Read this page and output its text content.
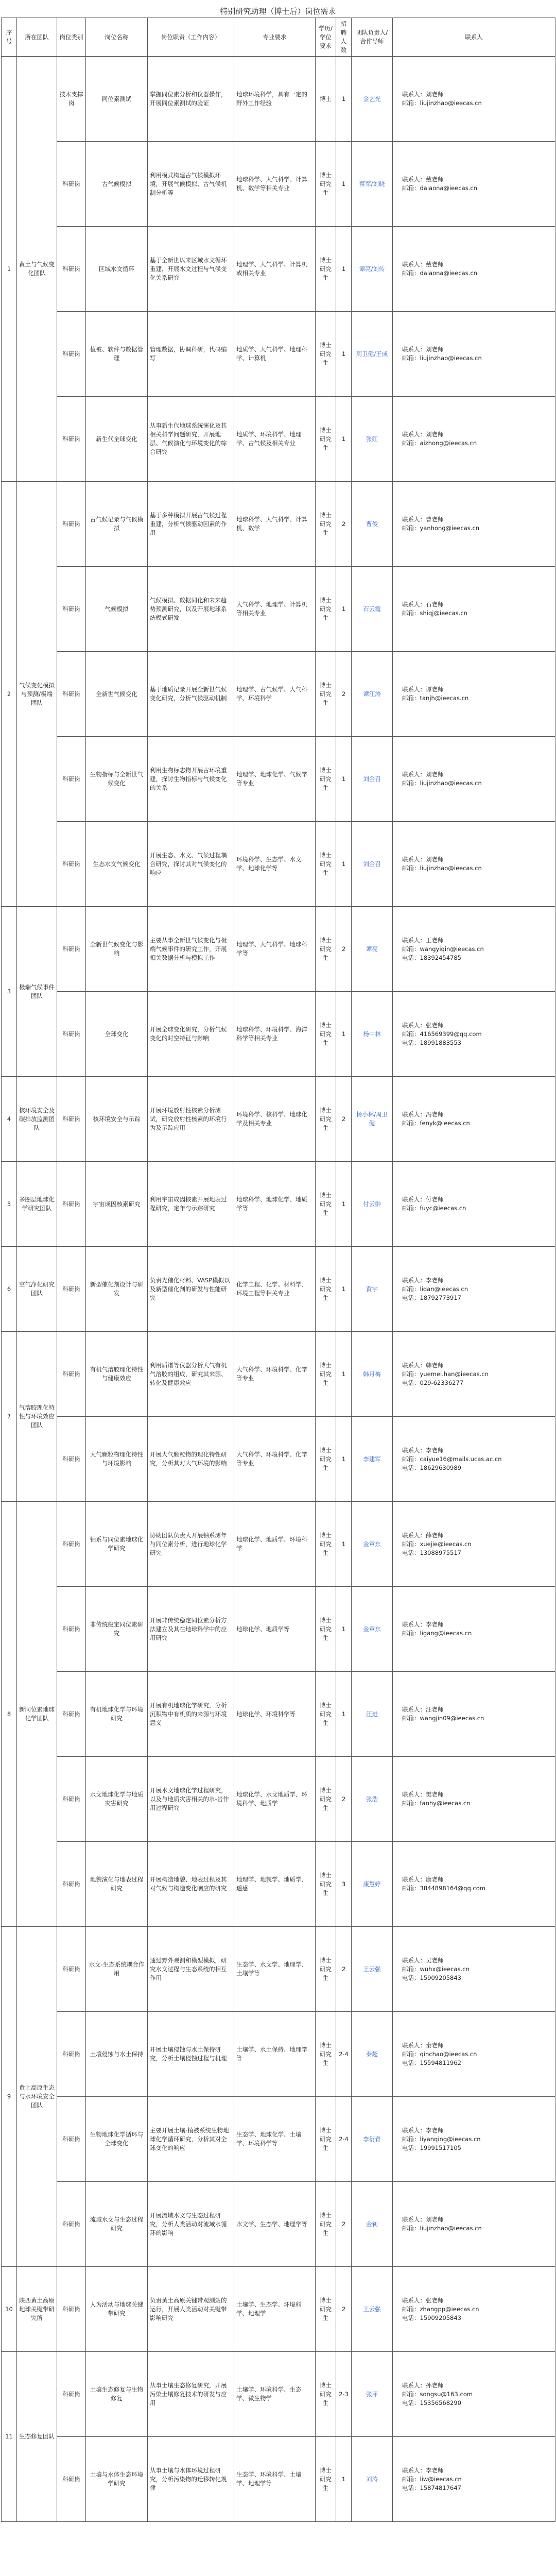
特别研究助理（博士后）岗位需求
序号	所在团队	岗位类别	岗位名称	岗位职责（工作内容）	专业要求	学历/学位要求	招聘人数	团队负责人/合作导师	联系人
1	黄土与气候变化团队	技术支撑岗	同位素测试	掌握同位素分析和仪器操作，开展同位素测试的验证	地球环境科学，具有一定的野外工作经验	博士	1	金艺光	联系人：刘老师
邮箱：liujinzhao@ieecas.cn
		科研岗	古气候模拟	利用模式构建古气候模拟环境，开展气候模拟、古气候机制分析等	地球科学、大气科学、计算机、数学等相关专业	博士研究生	1	蔡军/刘晓	联系人：戴老师
邮箱：daiaona@ieecas.cn
		科研岗	区域水文循环	基于全新世以来区域水文循环重建，开展水文过程与气候变化关系研究	地理学、大气科学、计算机或相关专业	博士研究生	1	谭亮/刘传	联系人：戴老师
邮箱：daiaona@ieecas.cn
		科研岗	植被、软件与数据管理	管理数据，协调科研，代码编写	地质学、大气科学、地理科学、计算机	博士研究生	1	周卫健/王成	联系人：刘老师
邮箱：liujinzhao@ieecas.cn
		科研岗	新生代全球变化	从事新生代地球系统演化及其相关科学问题研究，开展地层、气候演化与环境变化的综合研究	地质学、环境科学、地理学、古气候及相关专业	博士研究生	1	张红	联系人：刘老师
邮箱：aizhong@ieecas.cn
2	气候变化模拟与预测/极端团队	科研岗	古气候记录与气候模拟	基于多种模拟开展古气候过程重建，分析气候驱动因素的作用	地球科学、大气科学、计算机、数学	博士研究生	2	曹俊	联系人：曹老师
邮箱：yanhong@ieecas.cn
		科研岗	气候模拟	气候模拟、数据同化和未来趋势预测研究，以及开展地球系统模式研发	大气科学、地理学、计算机等相关专业	博士研究生	1	石云霞	联系人：石老师
邮箱：shiqj@ieecas.cn
		科研岗	全新世气候变化	基于地质记录开展全新世气候变化研究，分析气候驱动机制	地理学、古气候学、大气科学、环境科学	博士研究生	2	谭江涛	联系人：谭老师
邮箱：tanjh@ieecas.cn
		科研岗	生物指标与全新世气候变化	利用生物标志物开展古环境重建，探讨生物指标与气候变化的关系	地理学、地球化学、气候学等专业	博士研究生	1	刘金召	联系人：刘老师
邮箱：liujinzhao@ieecas.cn
		科研岗	生态水文气候变化	开展生态、水文、气候过程耦合研究，探讨其对气候变化的响应	环境科学、生态学、水文学、地球化学等	博士研究生	1	刘金召	联系人：刘老师
邮箱：liujinzhao@ieecas.cn
3	极端气候事件团队	科研岗	全新世气候变化与影响	主要从事全新世气候变化与极端气候事件的研究工作，开展相关数据分析与模拟工作	地理学、大气科学、地球科学等	博士研究生	2	谭亮	联系人：王老师
邮箱：wangyiqin@ieecas.cn
电话：18392454785
		科研岗	全球变化	开展全球变化研究，分析气候变化的时空特征与影响	地球科学、环境科学、海洋科学等相关专业	博士研究生	1	杨中林	联系人：张老师
邮箱：416569399@qq.com
电话：18991883553
4	核环境安全及碳排放监测团队	科研岗	核环境安全与示踪	开展环境放射性核素分析测试，研究放射性核素的环境行为及示踪应用	环境科学、核科学、地球化学及相关专业	博士研究生	2	杨小林/周卫健	联系人：冯老师
邮箱：fenyk@ieecas.cn
5	多圈层地球化学研究团队	科研岗	宇宙成因核素研究	利用宇宙成因核素开展地表过程研究，定年与示踪研究	地球科学、地球化学、地质学等	博士研究生	1	付云翀	联系人：付老师
邮箱：fuyc@ieecas.cn
6	空气净化研究团队	科研岗	新型催化剂设计与研发	负责光催化材料、VASP模拟以及新型催化剂的研发与性能研究	化学工程、化学、材料学、环境工程等相关专业	博士研究生	1	黄宇	联系人：李老师
邮箱：lidan@ieecas.cn
电话：18792773917
7	气溶胶理化特性与环境效应团队	科研岗	有机气溶胶理化特性与健康效应	利用质谱等仪器分析大气有机气溶胶的组成，研究其来源、转化及健康效应	大气科学、环境科学、化学等专业	博士研究生	1	韩月梅	联系人：韩老师
邮箱：yuemei.han@ieecas.cn
电话：029-62336277
		科研岗	大气颗粒物理化特性与环境影响	开展大气颗粒物的理化特性研究，分析其对大气环境的影响	大气科学、环境科学、化学等专业	博士研究生	1	李建军	联系人：李老师
邮箱：caiyue16@mails.ucas.ac.cn
电话：18629630989
8	新同位素地球化学团队	科研岗	铀系与同位素地球化学研究	协助团队负责人开展铀系测年与同位素分析，进行地球化学研究	地球化学、地质学、环境科学	博士研究生	1	金章东	联系人：薛老师
邮箱：xuejie@ieecas.cn
电话：13088975517
		科研岗	非传统稳定同位素研究	开展非传统稳定同位素分析方法建立及其在地球科学中的应用研究	地球化学、地质学等	博士研究生	1	金章东	联系人：李老师
邮箱：ligang@ieecas.cn
		科研岗	有机地球化学与环境研究	开展有机地球化学研究，分析沉积物中有机质的来源与环境意义	地球化学、环境科学等	博士研究生	1	汪进	联系人：汪老师
邮箱：wangjin09@ieecas.cn
		科研岗	水文地球化学与地质灾害研究	开展水文地球化学过程研究，以及与地质灾害相关的水-岩作用过程研究	地球化学、水文地质学、环境科学、地质学	博士研究生	2	张浩	联系人：樊老师
邮箱：fanhy@ieecas.cn
		科研岗	地貌演化与地表过程研究	开展构造地貌、地表过程及其对气候与构造变化响应的研究	地理学、地貌学、地质学、遥感	博士研究生	3	康慧婷	联系人：康老师
邮箱：3844898164@qq.com
9	黄土高原生态与水环境安全团队	科研岗	水文-生态系统耦合作用	通过野外观测和模型模拟，研究水文过程与生态系统的相互作用	生态学、水文学、地理学、土壤学等	博士研究生	2	王云强	联系人：吴老师
邮箱：wuhx@ieecas.cn
电话：15909205843
		科研岗	土壤侵蚀与水土保持	开展土壤侵蚀与水土保持研究，分析土壤侵蚀过程与机理	土壤学、水土保持、地理学等	博士研究生	2-4	秦超	联系人：秦老师
邮箱：qinchao@ieecas.cn
电话：15594811962
		科研岗	生物地球化学循环与全球变化	主要开展土壤-植被系统生物地球化学循环研究，分析其对全球变化的响应	生态学、地球化学、土壤学、环境科学等	博士研究生	2-4	李衍青	联系人：李老师
邮箱：liyanqing@ieecas.cn
电话：19991517105
		科研岗	流域水文与生态过程研究	开展流域水文与生态过程研究，分析人类活动对流域水循环的影响	水文学、生态学、地理学等	博士研究生	2	金钊	联系人：刘老师
邮箱：liujinzhao@ieecas.cn
10	陕西黄土高原地球关键带研究所	科研岗	人为活动与地球关键带研究	负责黄土高原关键带观测站的运行，开展人类活动对关键带影响研究	土壤学、生态学、环境科学、地理学	博士研究生	2	王云强	联系人：张老师
邮箱：zhangpp@ieecas.cn
电话：15909205843
11	生态修复团队	科研岗	土壤生态修复与生物修复	从事土壤生态修复研究，开展污染土壤修复技术的研发与应用	土壤学、环境科学、生态学、微生物学	博士研究生	2-3	张萍	联系人：孙老师
邮箱：songsu@163.com
电话：15356568290
		科研岗	土壤与水体生态环境学研究	从事土壤与水体环境过程研究，分析污染物的迁移转化规律	生态学、环境科学、土壤学、地理学等	博士研究生	1	刘涛	联系人：李老师
邮箱：liw@ieecas.cn
电话：15874817647
